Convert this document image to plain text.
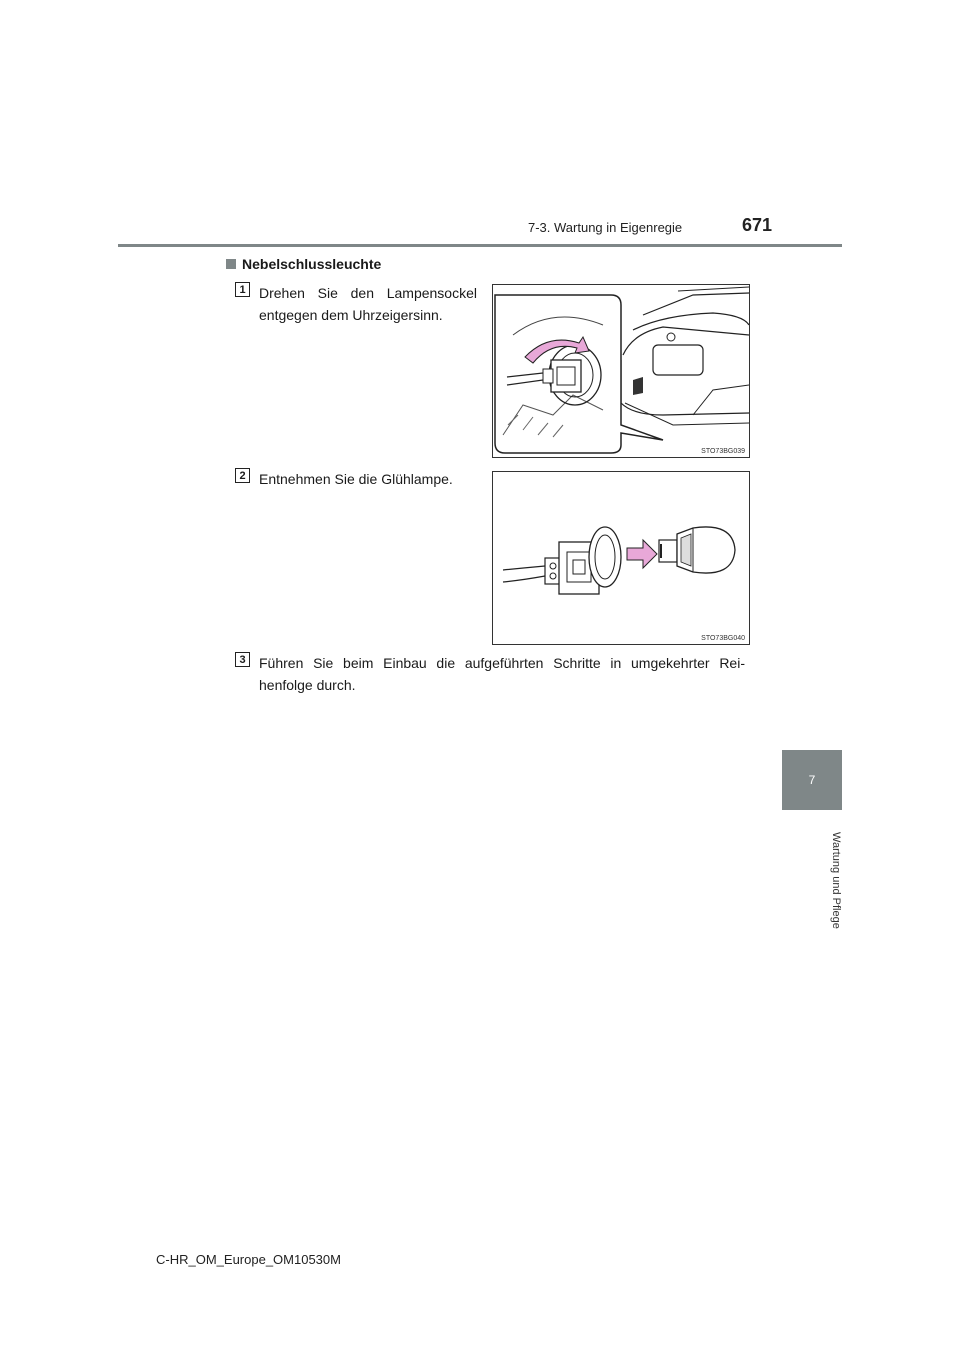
7-3. Wartung in Eigenregie	671
7
Wartung und Pflege
Nebelschlussleuchte
1 Drehen Sie den Lampensockel
entgegen dem Uhrzeigersinn.
STO73BG039
2 Entnehmen Sie die Glühlampe.
STO73BG040
3 Führen Sie beim Einbau die aufgeführten Schritte in umgekehrter Rei-
henfolge durch.
C-HR_OM_Europe_OM10530M
